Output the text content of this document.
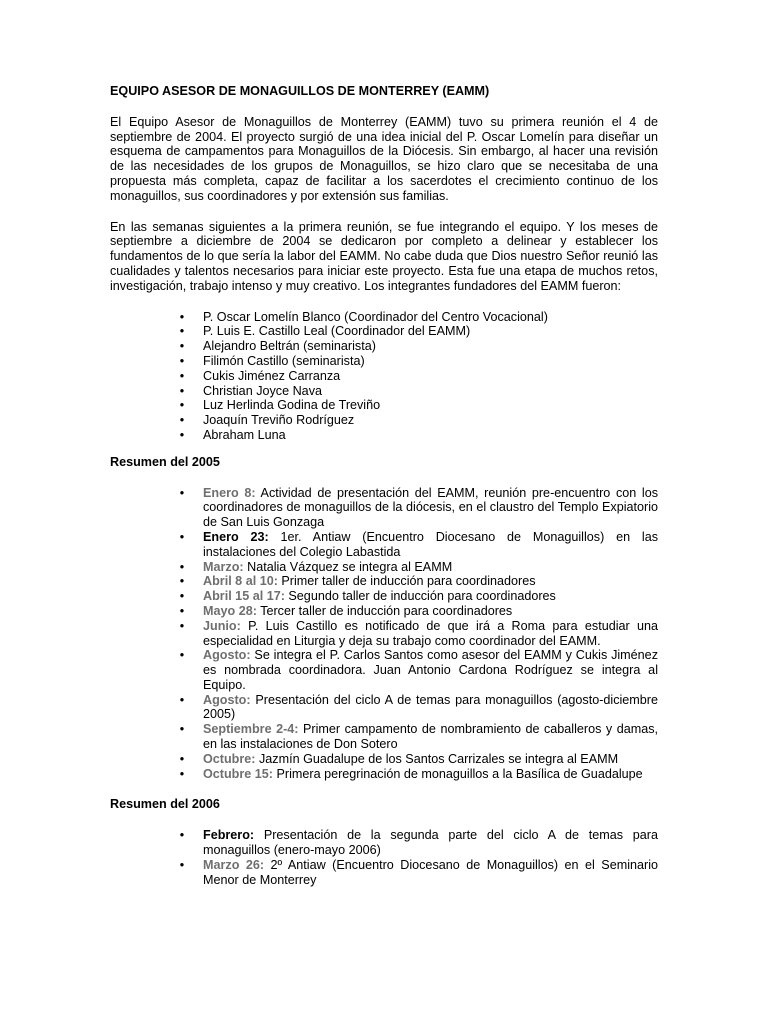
EQUIPO ASESOR DE MONAGUILLOS DE MONTERREY (EAMM)

El Equipo Asesor de Monaguillos de Monterrey (EAMM) tuvo su primera reunión el 4 de septiembre de 2004. El proyecto surgió de una idea inicial del P. Oscar Lomelín para diseñar un esquema de campamentos para Monaguillos de la Diócesis. Sin embargo, al hacer una revisión de las necesidades de los grupos de Monaguillos, se hizo claro que se necesitaba de una propuesta más completa, capaz de facilitar a los sacerdotes el crecimiento continuo de los monaguillos, sus coordinadores y por extensión sus familias.

En las semanas siguientes a la primera reunión, se fue integrando el equipo. Y los meses de septiembre a diciembre de 2004 se dedicaron por completo a delinear y establecer los fundamentos de lo que sería la labor del EAMM. No cabe duda que Dios nuestro Señor reunió las cualidades y talentos necesarios para iniciar este proyecto. Esta fue una etapa de muchos retos, investigación, trabajo intenso y muy creativo. Los integrantes fundadores del EAMM fueron:

• P. Oscar Lomelín Blanco (Coordinador del Centro Vocacional)
• P. Luis E. Castillo Leal (Coordinador del EAMM)
• Alejandro Beltrán (seminarista)
• Filimón Castillo (seminarista)
• Cukis Jiménez Carranza
• Christian Joyce Nava
• Luz Herlinda Godina de Treviño
• Joaquín Treviño Rodríguez
• Abraham Luna
Resumen del 2005
• Enero 8: Actividad de presentación del EAMM, reunión pre-encuentro con los coordinadores de monaguillos de la diócesis, en el claustro del Templo Expiatorio de San Luis Gonzaga
• Enero 23: 1er. Antiaw (Encuentro Diocesano de Monaguillos) en las instalaciones del Colegio Labastida
• Marzo: Natalia Vázquez se integra al EAMM
• Abril 8 al 10: Primer taller de inducción para coordinadores
• Abril 15 al 17: Segundo taller de inducción para coordinadores
• Mayo 28: Tercer taller de inducción para coordinadores
• Junio: P. Luis Castillo es notificado de que irá a Roma para estudiar una especialidad en Liturgia y deja su trabajo como coordinador del EAMM.
• Agosto: Se integra el P. Carlos Santos como asesor del EAMM y Cukis Jiménez es nombrada coordinadora. Juan Antonio Cardona Rodríguez se integra al Equipo.
• Agosto: Presentación del ciclo A de temas para monaguillos (agosto-diciembre 2005)
• Septiembre 2-4: Primer campamento de nombramiento de caballeros y damas, en las instalaciones de Don Sotero
• Octubre: Jazmín Guadalupe de los Santos Carrizales se integra al EAMM
• Octubre 15: Primera peregrinación de monaguillos a la Basílica de Guadalupe
Resumen del 2006
• Febrero: Presentación de la segunda parte del ciclo A de temas para monaguillos (enero-mayo 2006)
• Marzo 26: 2º Antiaw (Encuentro Diocesano de Monaguillos) en el Seminario Menor de Monterrey
